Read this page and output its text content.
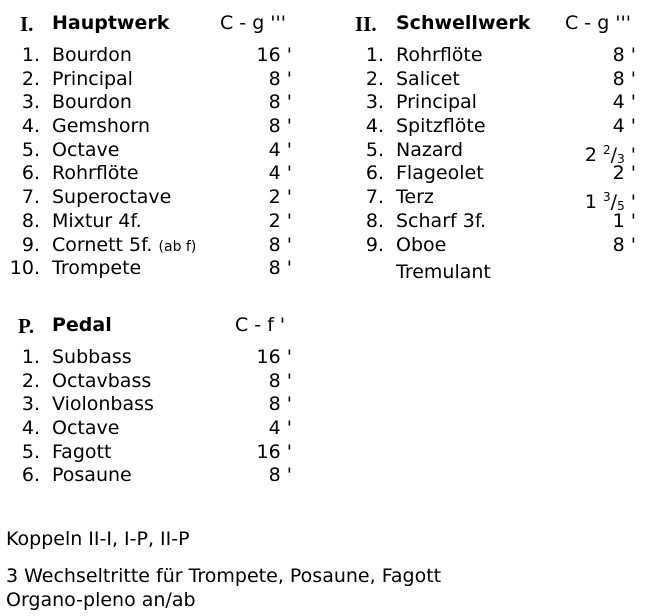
I. Hauptwerk	C - g '''
1. Bourdon	16 '
2. Principal	8 '
3. Bourdon	8 '
4. Gemshorn	8 '
5. Octave	4 '
6. Rohrflöte	4 '
7. Superoctave	2 '
8. Mixtur 4f.	2 '
9. Cornett 5f. (ab f)	8 '
10. Trompete	8 '
II. Schwellwerk C - g '''
1. Rohrflöte	8 '
2. Salicet	8 '
3. Principal	4 '
4. Spitzflöte	4 '
5. Nazard	2 $^2/_3$ '
6. Flageolet	2 '
7. Terz	1 $^3/_5$ '
8. Scharf 3f.	1 '
9. Oboe	8 '
Tremulant
P. Pedal	C - f '
1. Subbass	16 '
2. Octavbass	8 '
3. Violonbass	8 '
4. Octave	4 '
5. Fagott	16 '
6. Posaune	8 '
Koppeln II-I, I-P, II-P
3 Wechseltritte für Trompete, Posaune, Fagott
Organo-pleno an/ab
